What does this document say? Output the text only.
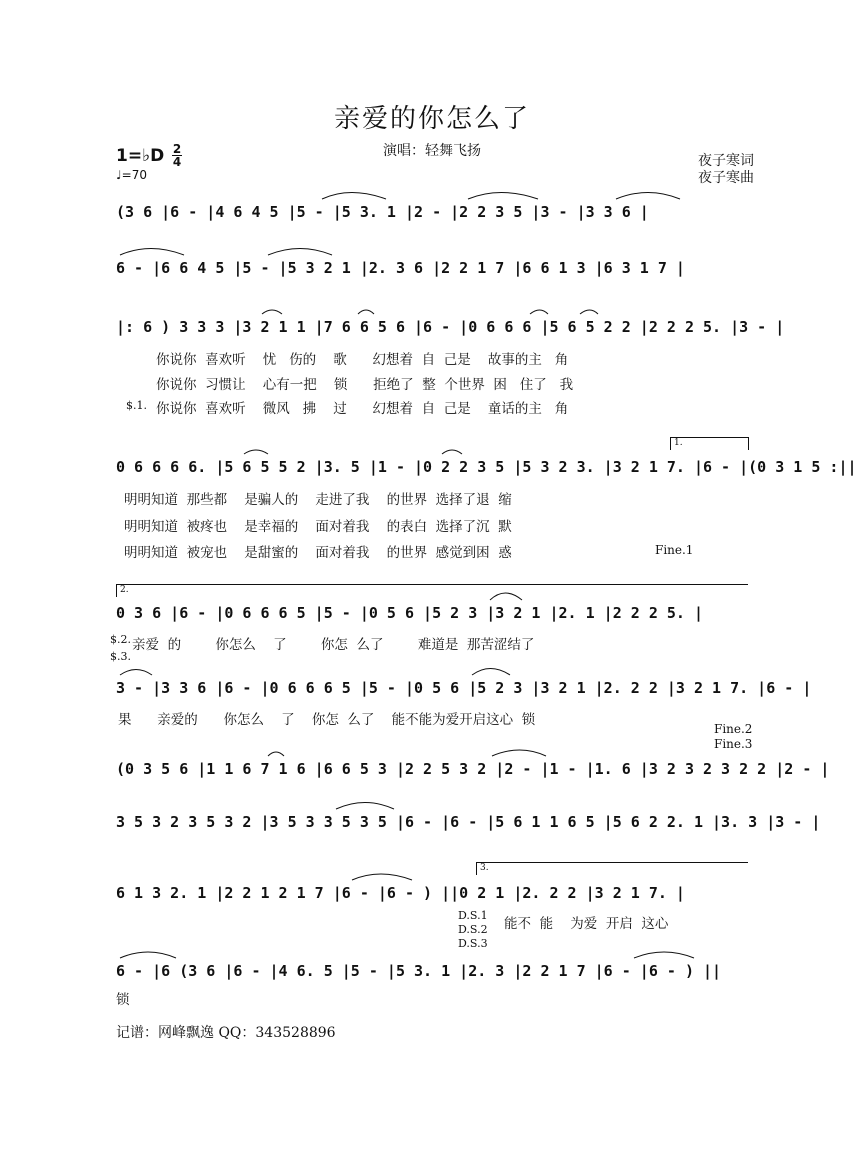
亲爱的你怎么了
演唱：轻舞飞扬
1=♭D 2
4
♩=70
夜子寒词
夜子寒曲
(3 6 |6 - |4 6 4 5 |5 - |5 3. 1 |2 - |2 2 3 5 |3 - |3 3 6 |
6 - |6 6 4 5 |5 - |5 3 2 1 |2. 3 6 |2 2 1 7 |6 6 1 3 |6 3 1 7 |
|: 6 ) 3 3 3 |3 2 1 1 |7 6 6 5 6 |6 - |0 6 6 6 |5 6 5 2 2 |2 2 2 5. |3 - |
0 6 6 6 6. |5 6 5 5 2 |3. 5 |1 - |0 2 2 3 5 |5 3 2 3. |3 2 1 7. |6 - |(0 3 1 5 :||
0 3 6 |6 - |0 6 6 6 5 |5 - |0 5 6 |5 2 3 |3 2 1 |2. 1 |2 2 2 5. |
3 - |3 3 6 |6 - |0 6 6 6 5 |5 - |0 5 6 |5 2 3 |3 2 1 |2. 2 2 |3 2 1 7. |6 - |
(0 3 5 6 |1 1 6 7 1 6 |6 6 5 3 |2 2 5 3 2 |2 - |1 - |1. 6 |3 2 3 2 3 2 2 |2 - |
3 5 3 2 3 5 3 2 |3 5 3 3 5 3 5 |6 - |6 - |5 6 1 1 6 5 |5 6 2 2. 1 |3. 3 |3 - |
6 1 3 2. 1 |2 2 1 2 1 7 |6 - |6 - ) ||0 2 1 |2. 2 2 |3 2 1 7. |
6 - |6 (3 6 |6 - |4 6. 5 |5 - |5 3. 1 |2. 3 |2 2 1 7 |6 - |6 - ) ||
你说你  喜欢听    忧   伤的    歌      幻想着  自  己是    故事的主   角
你说你  习惯让    心有一把    锁      拒绝了  整  个世界  困   住了   我
你说你  喜欢听    微风   拂    过      幻想着  自  己是    童话的主   角
$.1.
明明知道  那些都    是骗人的    走进了我    的世界  选择了退  缩
明明知道  被疼也    是幸福的    面对着我    的表白  选择了沉  默
明明知道  被宠也    是甜蜜的    面对着我    的世界  感觉到困  惑	Fine.1
$.2. 亲爱  的        你怎么    了        你怎  么了        难道是  那苦涩结了
$.3.
果      亲爱的      你怎么    了    你怎  么了    能不能为爱开启这心  锁
Fine.2
Fine.3
D.S.1
D.S.2
D.S.3
能不  能    为爱  开启  这心
锁
1.
2.
3.
记谱：网峰飘逸 QQ：343528896
